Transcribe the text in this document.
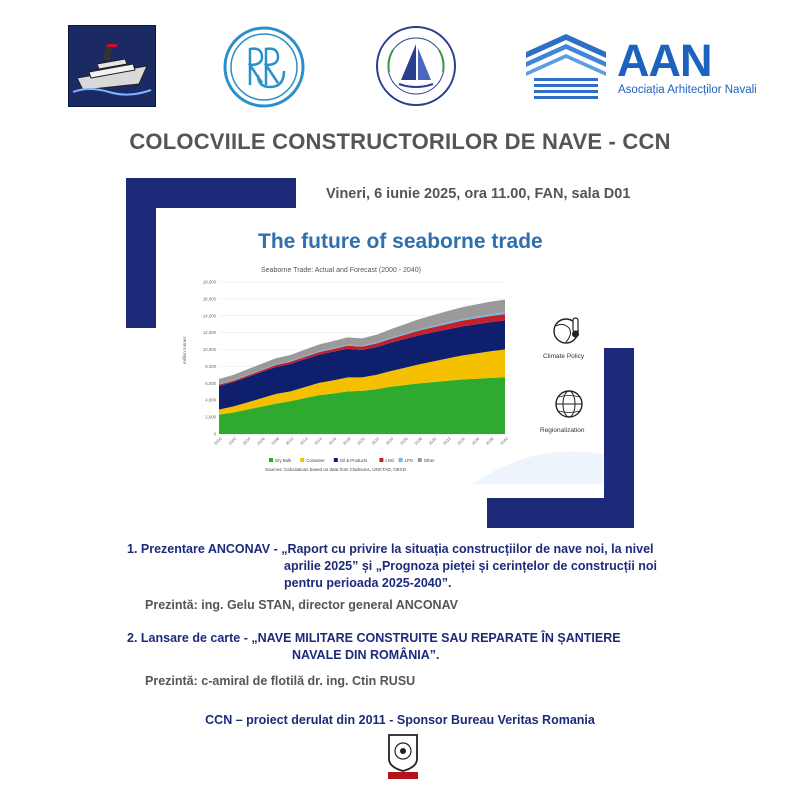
AAN
Asociația Arhitecților Navali
COLOCVIILE CONSTRUCTORILOR DE NAVE - CCN
Vineri, 6 iunie 2025, ora 11.00, FAN, sala D01
The future of seaborne trade
Seaborne Trade: Actual and Forecast (2000 - 2040)
million tonnes
0
2,000
4,000
6,000
8,000
10,000
12,000
14,000
16,000
18,000
2000 2002 2004 2006 2008 2010 2012 2014 2016 2018 2020 2022 2024 2026 2028 2030 2032 2034 2036 2038 2040
Dry Bulk	Container	Oil & Products	LNG LPG Other
Sources: Calculations based on data from Clarksons, UNCTAD, OECD
Climate Policy
Regionalization
1. Prezentare ANCONAV - „Raport cu privire la situația construcțiilor de nave noi, la nivel
aprilie 2025” și „Prognoza pieței și cerințelor de construcții noi pentru perioada 2025-2040”.
Prezintă: ing. Gelu STAN, director general ANCONAV
2. Lansare de carte - „NAVE MILITARE CONSTRUITE SAU REPARATE ÎN ȘANTIERE
NAVALE DIN ROMÂNIA”.
Prezintă: c-amiral de flotilă dr. ing. Ctin RUSU
CCN – proiect derulat din 2011 - Sponsor Bureau Veritas Romania
